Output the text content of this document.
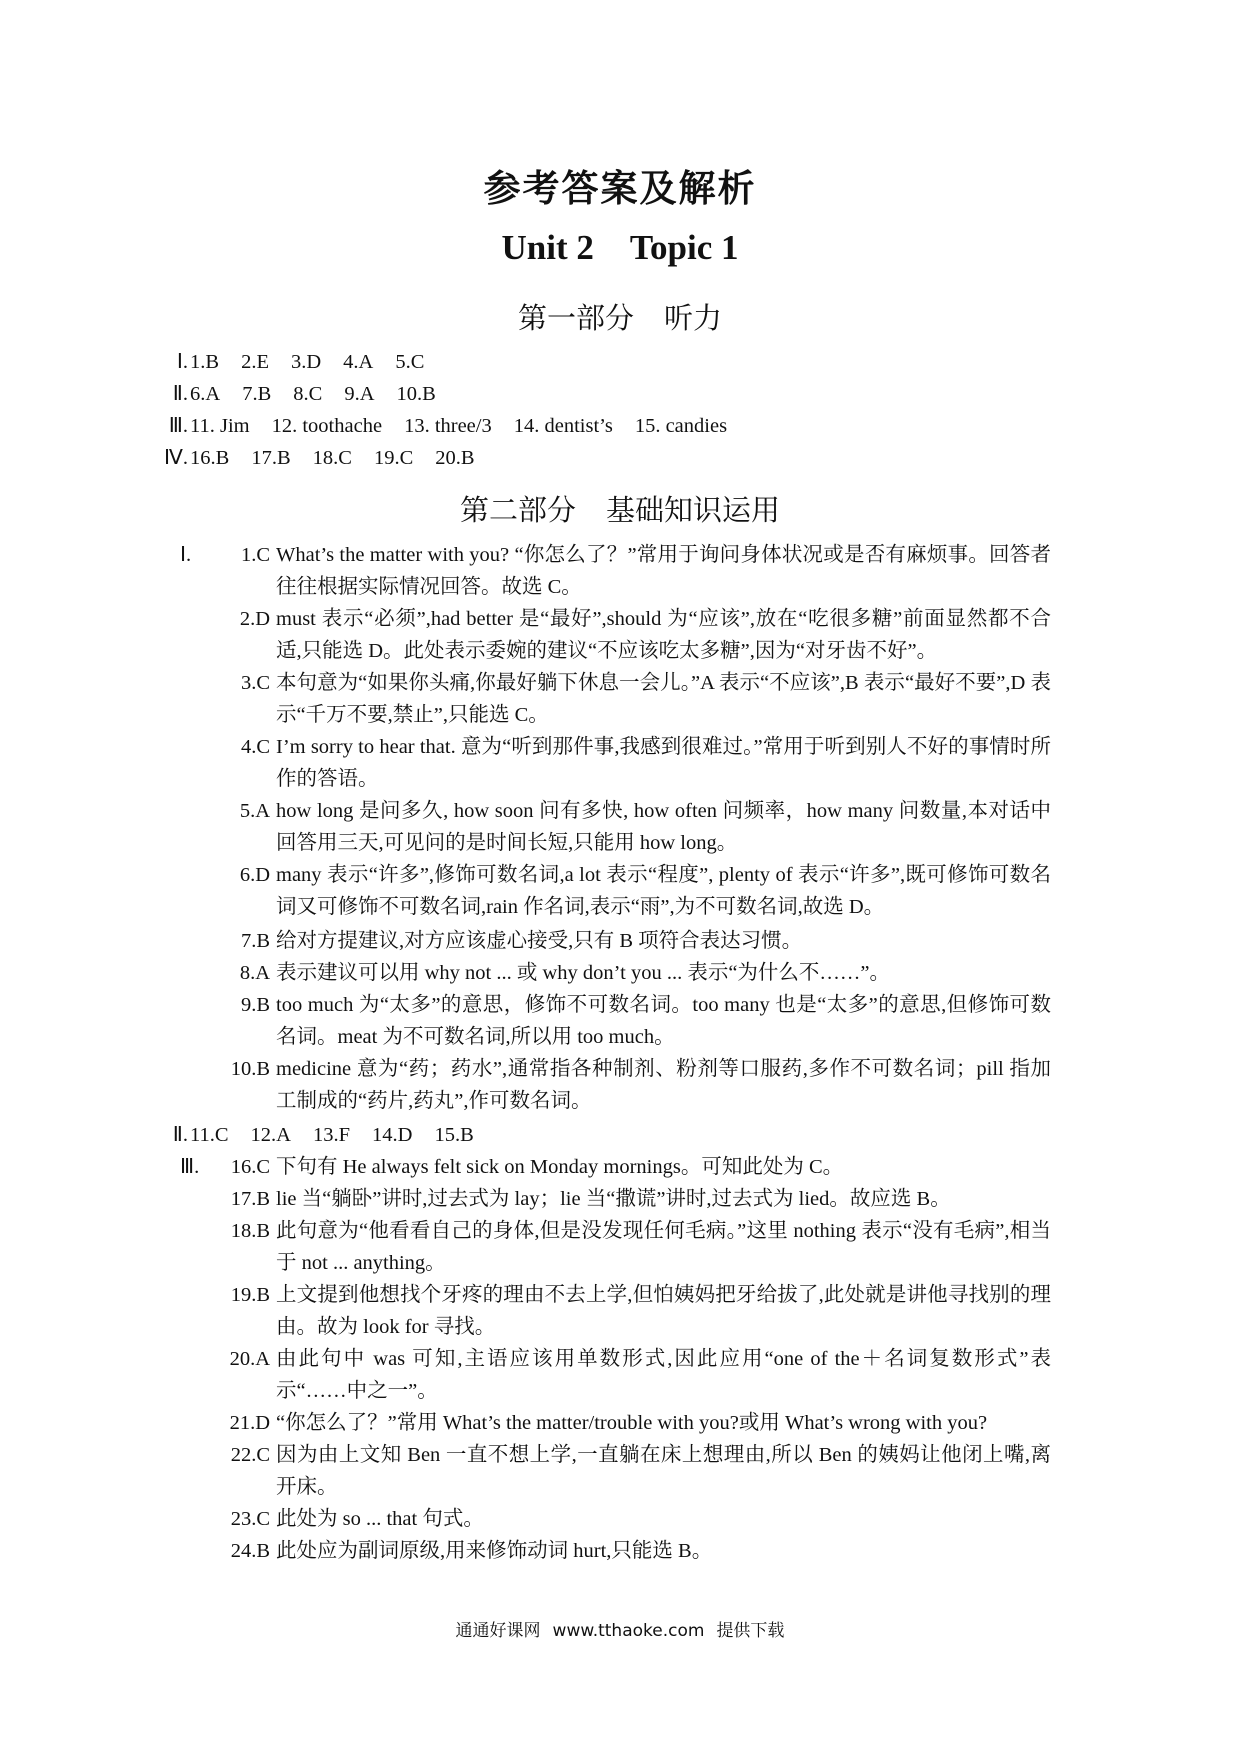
参考答案及解析
Unit 2 Topic 1
第一部分 听力
Ⅰ. 1.B 2.E 3.D 4.A 5.C
Ⅱ. 6.A 7.B 8.C 9.A 10.B
Ⅲ. 11. Jim 12. toothache 13. three/3 14. dentist’s 15. candies
Ⅳ. 16.B 17.B 18.C 19.C 20.B
第二部分 基础知识运用
Ⅰ.	1.C What’s the matter with you? “你怎么了？”常用于询问身体状况或是否有麻烦事。回答者往往根据实际情况回答。故选 C。
2.D must 表示“必须”,had better 是“最好”,should 为“应该”,放在“吃很多糖”前面显然都不合适,只能选 D。此处表示委婉的建议“不应该吃太多糖”,因为“对牙齿不好”。
3.C 本句意为“如果你头痛,你最好躺下休息一会儿。”A 表示“不应该”,B 表示“最好不要”,D 表示“千万不要,禁止”,只能选 C。
4.C I’m sorry to hear that. 意为“听到那件事,我感到很难过。”常用于听到别人不好的事情时所作的答语。
5.A how long 是问多久, how soon 问有多快, how often 问频率，how many 问数量,本对话中回答用三天,可见问的是时间长短,只能用 how long。
6.D many 表示“许多”,修饰可数名词,a lot 表示“程度”, plenty of 表示“许多”,既可修饰可数名词又可修饰不可数名词,rain 作名词,表示“雨”,为不可数名词,故选 D。
7.B 给对方提建议,对方应该虚心接受,只有 B 项符合表达习惯。
8.A 表示建议可以用 why not ... 或 why don’t you ... 表示“为什么不……”。
9.B too much 为“太多”的意思，修饰不可数名词。too many 也是“太多”的意思,但修饰可数名词。meat 为不可数名词,所以用 too much。
10.B medicine 意为“药；药水”,通常指各种制剂、粉剂等口服药,多作不可数名词；pill 指加工制成的“药片,药丸”,作可数名词。
Ⅱ. 11.C 12.A 13.F 14.D 15.B
Ⅲ.	16.C 下句有 He always felt sick on Monday mornings。可知此处为 C。
17.B lie 当“躺卧”讲时,过去式为 lay；lie 当“撒谎”讲时,过去式为 lied。故应选 B。
18.B 此句意为“他看看自己的身体,但是没发现任何毛病。”这里 nothing 表示“没有毛病”,相当于 not ... anything。
19.B 上文提到他想找个牙疼的理由不去上学,但怕姨妈把牙给拔了,此处就是讲他寻找别的理由。故为 look for 寻找。
20.A 由此句中 was 可知,主语应该用单数形式,因此应用“one of the＋名词复数形式”表示“……中之一”。
21.D “你怎么了？”常用 What’s the matter/trouble with you?或用 What’s wrong with you?
22.C 因为由上文知 Ben 一直不想上学,一直躺在床上想理由,所以 Ben 的姨妈让他闭上嘴,离开床。
23.C 此处为 so ... that 句式。
24.B 此处应为副词原级,用来修饰动词 hurt,只能选 B。
通通好课网 www.tthaoke.com 提供下载
